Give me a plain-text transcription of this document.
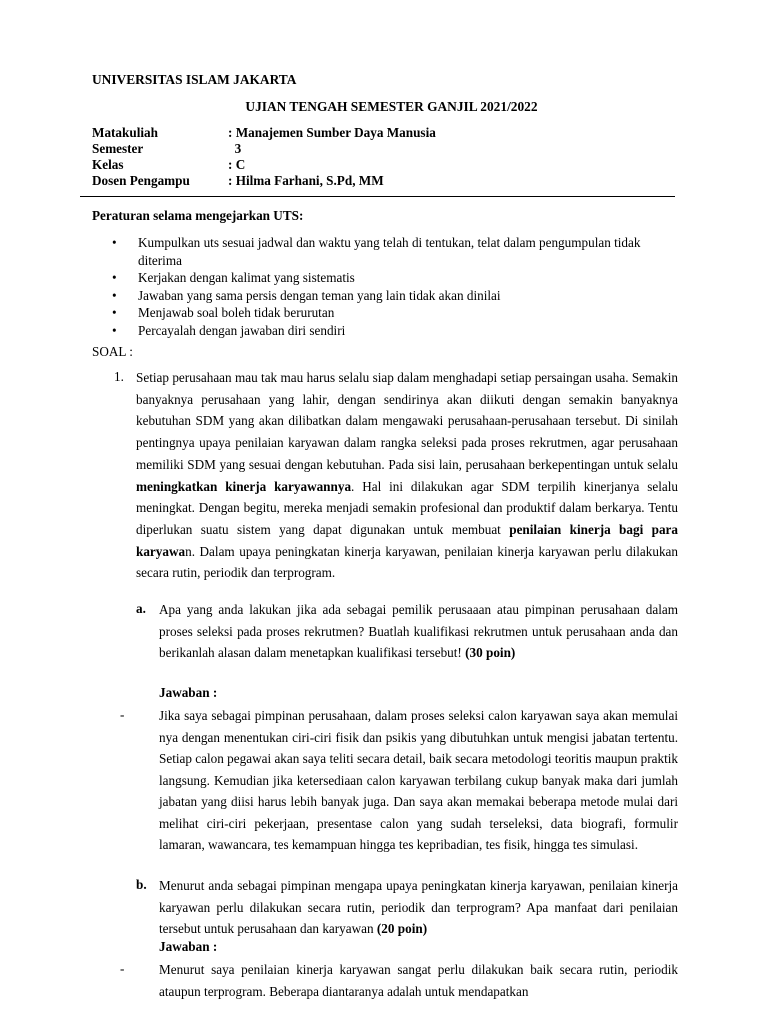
UNIVERSITAS ISLAM JAKARTA
UJIAN TENGAH SEMESTER GANJIL 2021/2022
Matakuliah	: Manajemen Sumber Daya Manusia
Semester	3
Kelas	: C
Dosen Pengampu	: Hilma Farhani, S.Pd, MM
Peraturan selama mengejarkan UTS:
• Kumpulkan uts sesuai jadwal dan waktu yang telah di tentukan, telat dalam pengumpulan tidak diterima
• Kerjakan dengan kalimat yang sistematis
• Jawaban yang sama persis dengan teman yang lain tidak akan dinilai
• Menjawab soal boleh tidak berurutan
• Percayalah dengan jawaban diri sendiri
SOAL :
1. Setiap perusahaan mau tak mau harus selalu siap dalam menghadapi setiap persaingan usaha. Semakin banyaknya perusahaan yang lahir, dengan sendirinya akan diikuti dengan semakin banyaknya kebutuhan SDM yang akan dilibatkan dalam mengawaki perusahaan-perusahaan tersebut. Di sinilah pentingnya upaya penilaian karyawan dalam rangka seleksi pada proses rekrutmen, agar perusahaan memiliki SDM yang sesuai dengan kebutuhan. Pada sisi lain, perusahaan berkepentingan untuk selalu meningkatkan kinerja karyawannya. Hal ini dilakukan agar SDM terpilih kinerjanya selalu meningkat. Dengan begitu, mereka menjadi semakin profesional dan produktif dalam berkarya. Tentu diperlukan suatu sistem yang dapat digunakan untuk membuat penilaian kinerja bagi para karyawan. Dalam upaya peningkatan kinerja karyawan, penilaian kinerja karyawan perlu dilakukan secara rutin, periodik dan terprogram.
a. Apa yang anda lakukan jika ada sebagai pemilik perusaaan atau pimpinan perusahaan dalam proses seleksi pada proses rekrutmen? Buatlah kualifikasi rekrutmen untuk perusahaan anda dan berikanlah alasan dalam menetapkan kualifikasi tersebut! (30 poin)
Jawaban :
-	Jika saya sebagai pimpinan perusahaan, dalam proses seleksi calon karyawan saya akan memulai nya dengan menentukan ciri-ciri fisik dan psikis yang dibutuhkan untuk mengisi jabatan tertentu. Setiap calon pegawai akan saya teliti secara detail, baik secara metodologi teoritis maupun praktik langsung. Kemudian jika ketersediaan calon karyawan terbilang cukup banyak maka dari jumlah jabatan yang diisi harus lebih banyak juga. Dan saya akan memakai beberapa metode mulai dari melihat ciri-ciri pekerjaan, presentase calon yang sudah terseleksi, data biografi, formulir lamaran, wawancara, tes kemampuan hingga tes kepribadian, tes fisik, hingga tes simulasi.
b. Menurut anda sebagai pimpinan mengapa upaya peningkatan kinerja karyawan, penilaian kinerja karyawan perlu dilakukan secara rutin, periodik dan terprogram? Apa manfaat dari penilaian tersebut untuk perusahaan dan karyawan (20 poin)
Jawaban :
-	Menurut saya penilaian kinerja karyawan sangat perlu dilakukan baik secara rutin, periodik ataupun terprogram. Beberapa diantaranya adalah untuk mendapatkan
